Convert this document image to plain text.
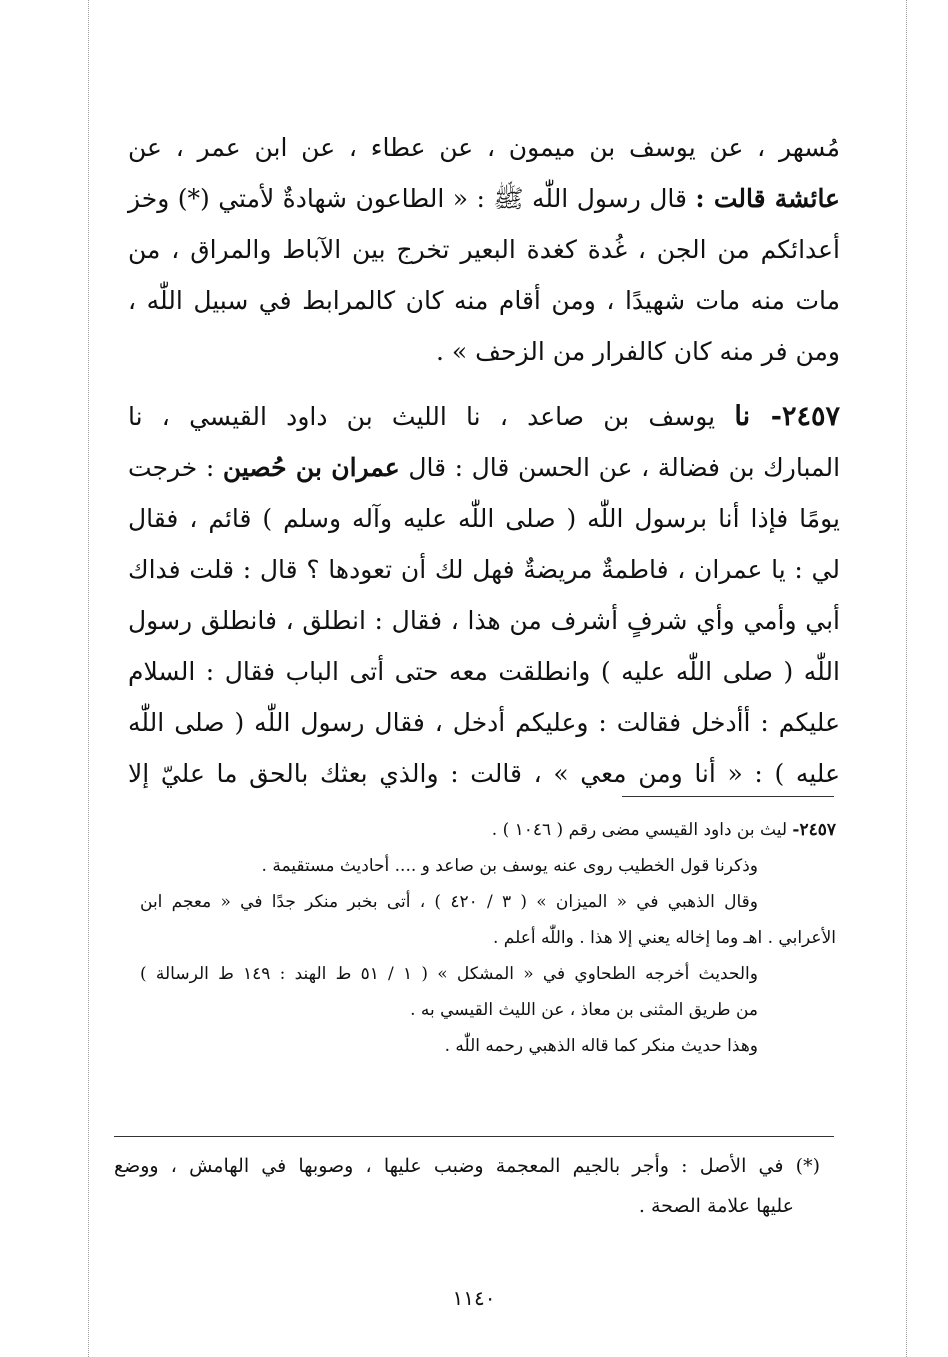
مُسهر ، عن يوسف بن ميمون ، عن عطاء ، عن ابن عمر ، عن
عائشة قالت : قال رسول اللّٰه ﷺ : « الطاعون شهادةٌ لأمتي (*) وخز
أعدائكم من الجن ، غُدة كغدة البعير تخرج بين الآباط والمراق ، من
مات منه مات شهيدًا ، ومن أقام منه كان كالمرابط في سبيل اللّٰه ،
ومن فر منه كان كالفرار من الزحف » .
٢٤٥٧- نا يوسف بن صاعد ، نا الليث بن داود القيسي ، نا
المبارك بن فضالة ، عن الحسن قال : قال عمران بن حُصين : خرجت
يومًا فإذا أنا برسول اللّٰه ( صلى اللّٰه عليه وآله وسلم ) قائم ، فقال
لي : يا عمران ، فاطمةٌ مريضةٌ فهل لك أن تعودها ؟ قال : قلت فداك
أبي وأمي وأي شرفٍ أشرف من هذا ، فقال : انطلق ، فانطلق رسول
اللّٰه ( صلى اللّٰه عليه ) وانطلقت معه حتى أتى الباب فقال : السلام
عليكم : أأدخل فقالت : وعليكم أدخل ، فقال رسول اللّٰه ( صلى اللّٰه
عليه ) : « أنا ومن معي » ، قالت : والذي بعثك بالحق ما عليّ إلا
٢٤٥٧- ليث بن داود القيسي مضى رقم ( ١٠٤٦ ) .
وذكرنا قول الخطيب روى عنه يوسف بن صاعد و .... أحاديث مستقيمة .
وقال الذهبي في « الميزان » ( ٣ / ٤٢٠ ) ، أتى بخبر منكر جدًا في « معجم ابن
الأعرابي . اهـ وما إخاله يعني إلا هذا . واللّٰه أعلم .
والحديث أخرجه الطحاوي في « المشكل » ( ١ / ٥١ ط الهند : ١٤٩ ط الرسالة )
من طريق المثنى بن معاذ ، عن الليث القيسي به .
وهذا حديث منكر كما قاله الذهبي رحمه اللّٰه .
(*) في الأصل : وأجر بالجيم المعجمة وضبب عليها ، وصوبها في الهامش ، ووضع
عليها علامة الصحة .
١١٤٠
